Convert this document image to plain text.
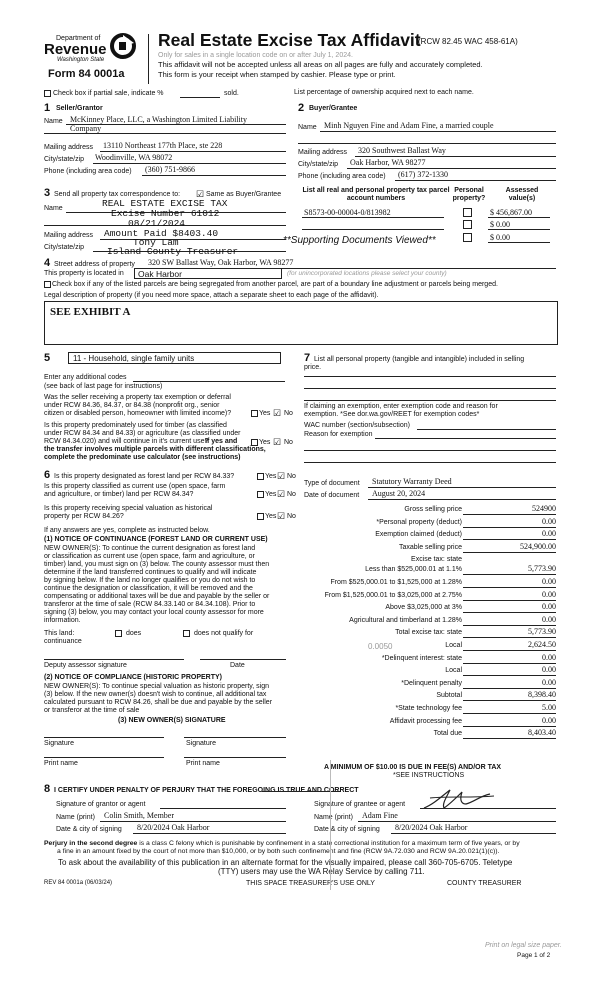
Department of
Revenue
Washington State
Form 84 0001a
Real Estate Excise Tax Affidavit
(RCW 82.45 WAC 458-61A)
Only for sales in a single location code on or after July 1, 2024.
This affidavit will not be accepted unless all areas on all pages are fully and accurately completed.
This form is your receipt when stamped by cashier. Please type or print.
Check box if partial sale, indicate %	sold.	List percentage of ownership acquired next to each name.
1 Seller/Grantor
Name McKinney Place, LLC, a Washington Limited Liability
Company
Mailing address 13110 Northeast 177th Place, ste 228
City/state/zip Woodinville, WA 98072
Phone (including area code) (360) 751-9866
2 Buyer/Grantee
Name Minh Nguyen Fine and Adam Fine, a married couple
Mailing address 320 Southwest Ballast Way
City/state/zip Oak Harbor, WA 98277
Phone (including area code) (617) 372-1330
3 Send all property tax correspondence to: ☑ Same as Buyer/Grantee
Name
Mailing address
City/state/zip
REAL ESTATE EXCISE TAX
Excise Number 61012
08/21/2024
Amount Paid $8403.40
Tony Lam
Island County Treasurer
**Supporting Documents Viewed**
List all real and personal property tax parcel account numbers
Personal property?
Assessed value(s)
S8573-00-00004-0/813982	$ 456,867.00
$ 0.00
$ 0.00
4 Street address of property 320 SW Ballast Way, Oak Harbor, WA 98277
This property is located in	Oak Harbor	(for unincorporated locations please select your county)
Check box if any of the listed parcels are being segregated from another parcel, are part of a boundary line adjustment or parcels being merged.
Legal description of property (if you need more space, attach a separate sheet to each page of the affidavit).
SEE EXHIBIT A
5	11 - Household, single family units
Enter any additional codes
(see back of last page for instructions)
Was the seller receiving a property tax exemption or deferral
under RCW 84.36, 84.37, or 84.38 (nonprofit org., senior
citizen or disabled person, homeowner with limited income)?	Yes ☑ No
Is this property predominately used for timber (as classified
under RCW 84.34 and 84.33) or agriculture (as classified under
RCW 84.34.020) and will continue in it's current use?
If yes and
the transfer involves multiple parcels with different classifications,
complete the predominate use calculator (see instructions)
Yes ☑ No
7 List all personal property (tangible and intangible) included in selling
price.
If claiming an exemption, enter exemption code and reason for
exemption. *See dor.wa.gov/REET for exemption codes*
WAC number (section/subsection)
Reason for exemption
6 Is this property designated as forest land per RCW 84.33?	Yes ☑ No
Is this property classified as current use (open space, farm
and agriculture, or timber) land per RCW 84.34?	Yes ☑ No
Is this property receiving special valuation as historical
property per RCW 84.26?	Yes ☑ No
If any answers are yes, complete as instructed below.
(1) NOTICE OF CONTINUANCE (FOREST LAND OR CURRENT USE)
NEW OWNER(S): To continue the current designation as forest land
or classification as current use (open space, farm and agriculture, or
timber) land, you must sign on (3) below. The county assessor must then
determine if the land transferred continues to qualify and will indicate
by signing below. If the land no longer qualifies or you do not wish to
continue the designation or classification, it will be removed and the
compensating or additional taxes will be due and payable by the seller or
transferor at the time of sale (RCW 84.33.140 or 84.34.108). Prior to
signing (3) below, you may contact your local county assessor for more
information.
This land:	does	does not qualify for
continuance
Deputy assessor signature	Date
(2) NOTICE OF COMPLIANCE (HISTORIC PROPERTY)
NEW OWNER(S): To continue special valuation as historic property, sign
(3) below. If the new owner(s) doesn't wish to continue, all additional tax
calculated pursuant to RCW 84.26, shall be due and payable by the seller
or transferor at the time of sale
(3) NEW OWNER(S) SIGNATURE
Signature	Signature
Print name	Print name
Type of document Statutory Warranty Deed
Date of document August 20, 2024
Gross selling price	524900
*Personal property (deduct)	0.00
Exemption claimed (deduct)	0.00
Taxable selling price	524,900.00
Excise tax: state
Less than $525,000.01 at 1.1%	5,773.90
From $525,000.01 to $1,525,000 at 1.28%	0.00
From $1,525,000.01 to $3,025,000 at 2.75%	0.00
Above $3,025,000 at 3%	0.00
Agricultural and timberland at 1.28%	0.00
Total excise tax: state	5,773.90
Local	2,624.50
0.0050
*Delinquent interest: state	0.00
Local	0.00
*Delinquent penalty	0.00
Subtotal	8,398.40
*State technology fee	5.00
Affidavit processing fee	0.00
Total due	8,403.40
A MINIMUM OF $10.00 IS DUE IN FEE(S) AND/OR TAX
*SEE INSTRUCTIONS
8 I CERTIFY UNDER PENALTY OF PERJURY THAT THE FOREGOING IS TRUE AND CORRECT
Signature of grantor or agent
Name (print) Colin Smith, Member
Date & city of signing 8/20/2024 Oak Harbor
Signature of grantee or agent
Name (print) Adam Fine
Date & city of signing 8/20/2024 Oak Harbor
Perjury in the second degree is a class C felony which is punishable by confinement in a state correctional institution for a maximum term of five years, or by
a fine in an amount fixed by the court of not more than $10,000, or by both such confinement and fine (RCW 9A.72.030 and RCW 9A.20.021(1)(c)).
To ask about the availability of this publication in an alternate format for the visually impaired, please call 360-705-6705. Teletype
(TTY) users may use the WA Relay Service by calling 711.
REV 84 0001a (06/03/24)	THIS SPACE TREASURER'S USE ONLY	COUNTY TREASURER
Print on legal size paper.
Page 1 of 2
